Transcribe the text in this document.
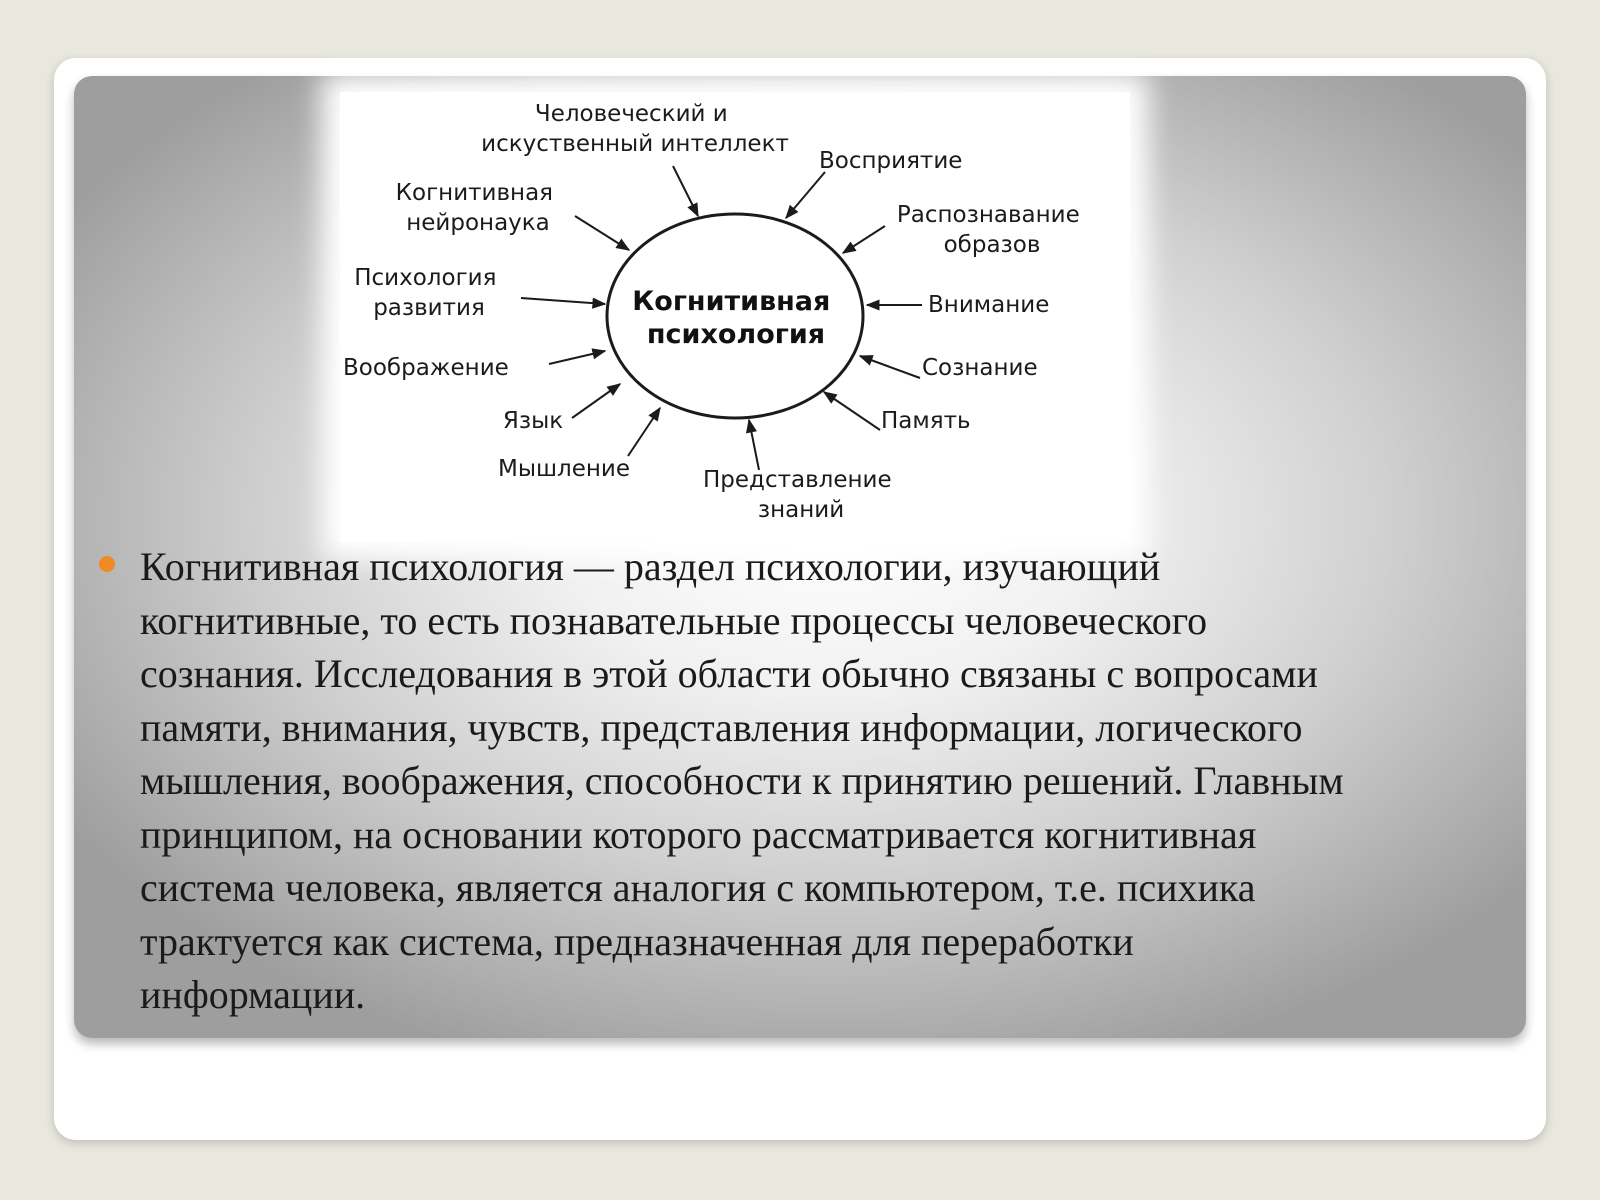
Когнитивная психология
Человеческий и искуственный интеллект
Восприятие
Распознавание образов
Внимание
Сознание
Память
Представление знаний
Мышление
Язык
Воображение
Психология развития
Когнитивная нейронаука

Когнитивная психология — раздел психологии, изучающий
когнитивные, то есть познавательные процессы человеческого
сознания. Исследования в этой области обычно связаны с вопросами
памяти, внимания, чувств, представления информации, логического
мышления, воображения, способности к принятию решений. Главным
принципом, на основании которого рассматривается когнитивная
система человека, является аналогия с компьютером, т.е. психика
трактуется как система, предназначенная для переработки
информации.
